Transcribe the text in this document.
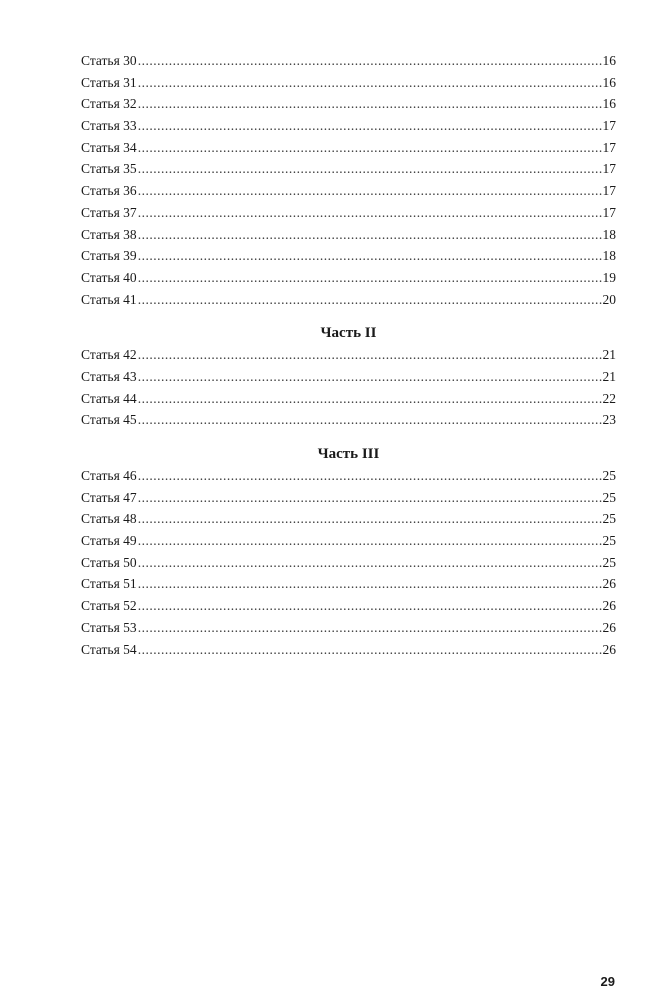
Статья 30 .....	16
Статья 31 .....	16
Статья 32 .....	16
Статья 33 .....	17
Статья 34 .....	17
Статья 35 .....	17
Статья 36 .....	17
Статья 37 .....	17
Статья 38 .....	18
Статья 39 .....	18
Статья 40 .....	19
Статья 41 .....	20
Часть II
Статья 42 .....	21
Статья 43 .....	21
Статья 44 .....	22
Статья 45 .....	23
Часть III
Статья 46 .....	25
Статья 47 .....	25
Статья 48 .....	25
Статья 49 .....	25
Статья 50 .....	25
Статья 51 .....	26
Статья 52 .....	26
Статья 53 .....	26
Статья 54 .....	26
29
